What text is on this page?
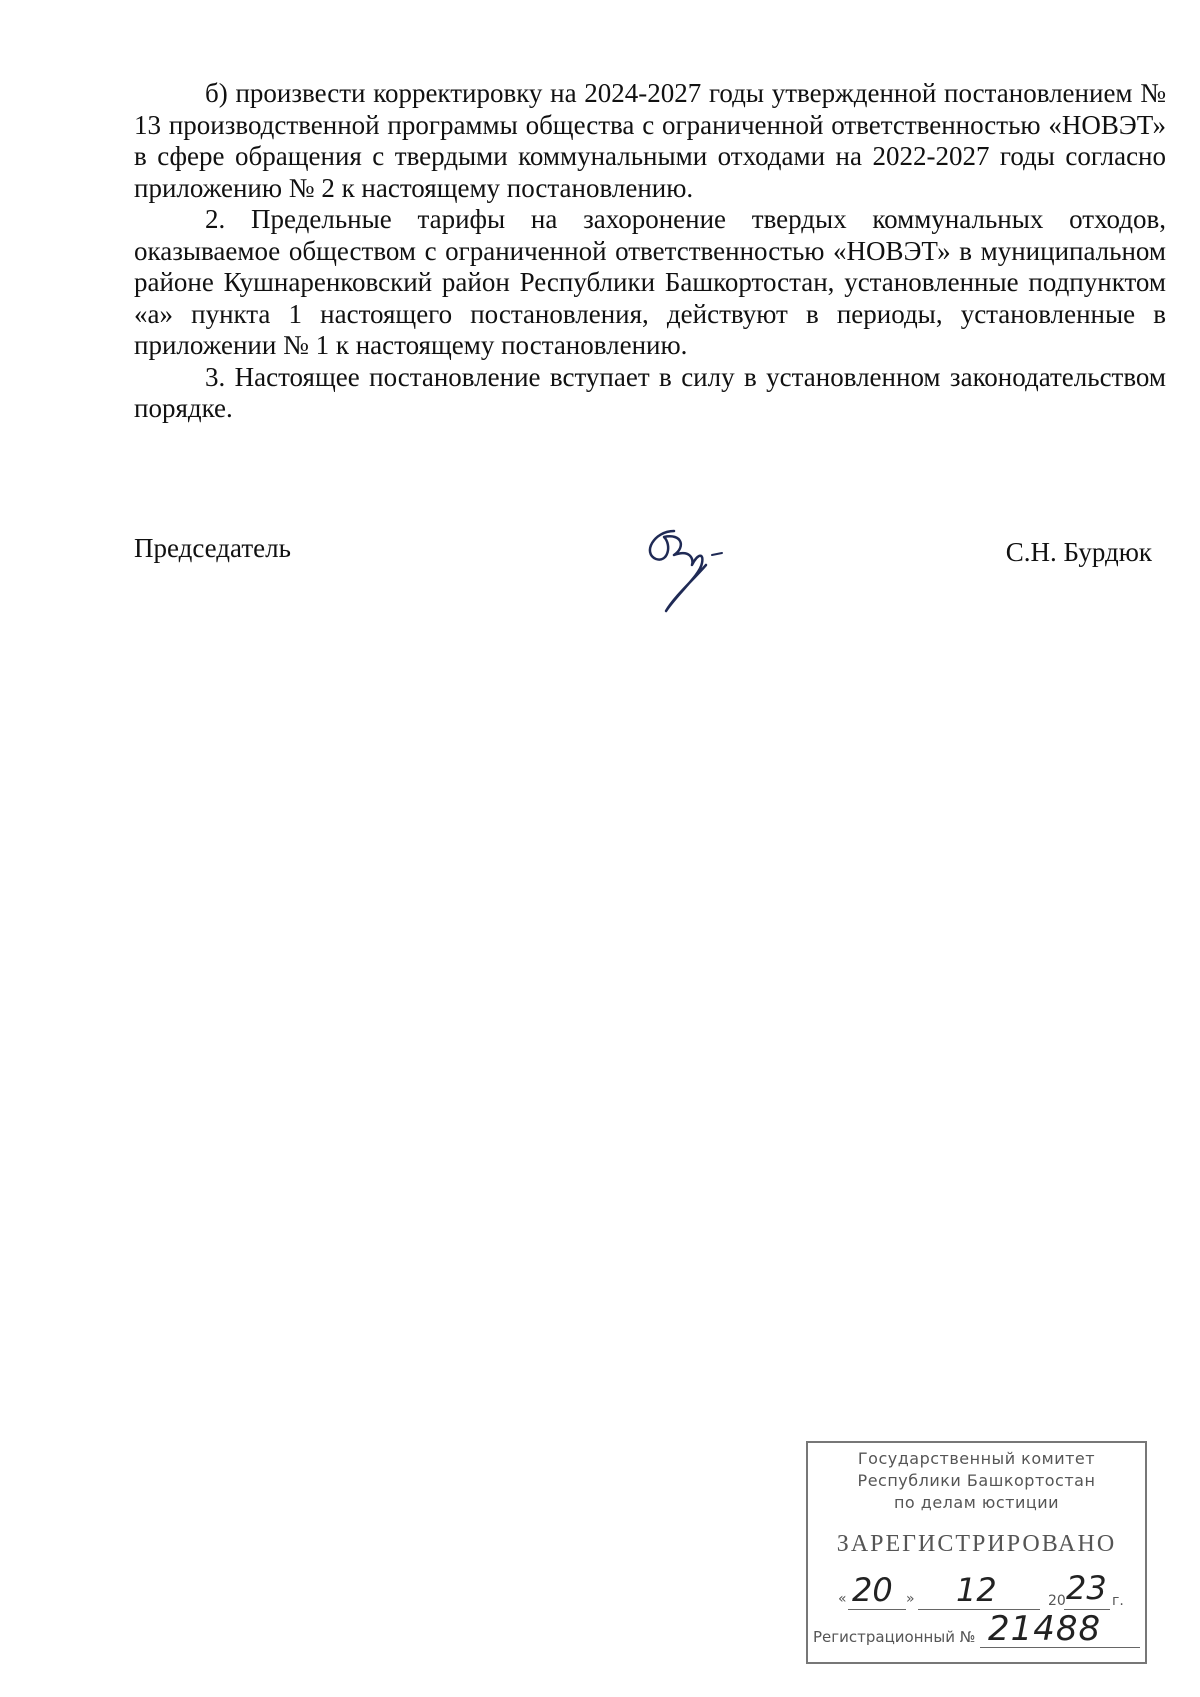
б) произвести корректировку на 2024-2027 годы утвержденной постановлением № 13 производственной программы общества с ограниченной ответственностью «НОВЭТ» в сфере обращения с твердыми коммунальными отходами на 2022-2027 годы согласно приложению № 2 к настоящему постановлению.

2. Предельные тарифы на захоронение твердых коммунальных отходов, оказываемое обществом с ограниченной ответственностью «НОВЭТ» в муниципальном районе Кушнаренковский район Республики Башкортостан, установленные подпунктом «а» пункта 1 настоящего постановления, действуют в периоды, установленные в приложении № 1 к настоящему постановлению.

3. Настоящее постановление вступает в силу в установленном законодательством порядке.

Председатель	С.Н. Бурдюк
Государственный комитет
Республики Башкортостан
по делам юстиции
ЗАРЕГИСТРИРОВАНО
« 20 » 12	20 23 г.
Регистрационный № 21488
